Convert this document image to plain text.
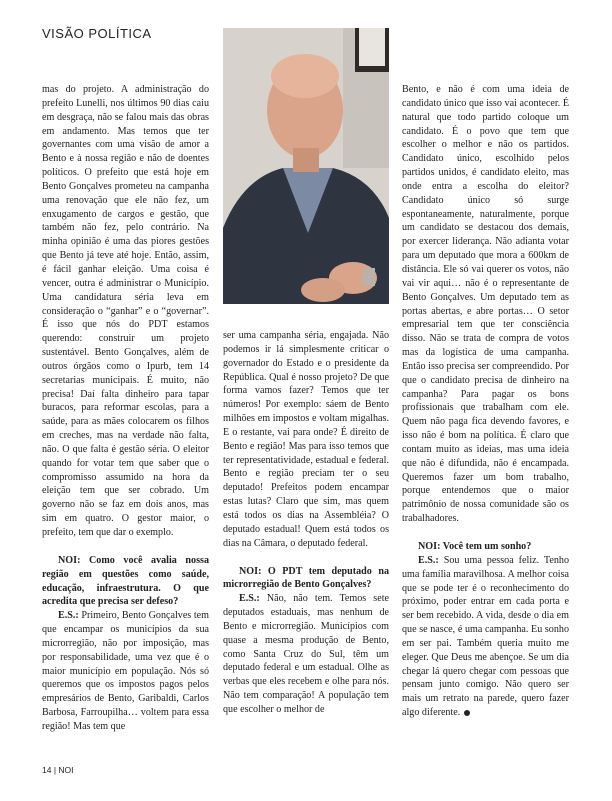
VISÃO POLÍTICA

mas do projeto. A administração do prefeito Lunelli, nos últimos 90 dias caiu em desgraça, não se falou mais das obras em andamento. Mas temos que ter governantes com uma visão de amor a Bento e à nossa região e não de doentes políticos. O prefeito que está hoje em Bento Gonçalves prometeu na campanha uma renovação que ele não fez, um enxugamento de cargos e gestão, que também não fez, pelo contrário. Na minha opinião é uma das piores gestões que Bento já teve até hoje. Então, assim, é fácil ganhar eleição. Uma coisa é vencer, outra é administrar o Município. Uma candidatura séria leva em consideração o “ganhar” e o “governar”. É isso que nós do PDT estamos querendo: construir um projeto sustentável. Bento Gonçalves, além de outros órgãos como o Ipurb, tem 14 secretarias municipais. É muito, não precisa! Daí falta dinheiro para tapar buracos, para reformar escolas, para a saúde, para as mães colocarem os filhos em creches, mas na verdade não falta, não. O que falta é gestão séria. O eleitor quando for votar tem que saber que o compromisso assumido na hora da eleição tem que ser cobrado. Um governo não se faz em dois anos, mas sim em quatro. O gestor maior, o prefeito, tem que dar o exemplo.

NOI: Como você avalia nossa região em questões como saúde, educação, infraestrutura. O que acredita que precisa ser defeso?

E.S.: Primeiro, Bento Gonçalves tem que encampar os municípios da sua microrregião, não por imposição, mas por responsabilidade, uma vez que é o maior município em população. Nós só queremos que os impostos pagos pelos empresários de Bento, Garibaldi, Carlos Barbosa, Farroupilha… voltem para essa região! Mas tem que

ser uma campanha séria, engajada. Não podemos ir lá simplesmente criticar o governador do Estado e o presidente da República. Qual é nosso projeto? De que forma vamos fazer? Temos que ter números! Por exemplo: sáem de Bento milhões em impostos e voltam migalhas. E o restante, vai para onde? É direito de Bento e região! Mas para isso temos que ter representatividade, estadual e federal. Bento e região preciam ter o seu deputado! Prefeitos podem encampar estas lutas? Claro que sim, mas quem está todos os dias na Assembléia? O deputado estadual! Quem está todos os dias na Câmara, o deputado federal.

NOI: O PDT tem deputado na microrregião de Bento Gonçalves?

E.S.: Não, não tem. Temos sete deputados estaduais, mas nenhum de Bento e microrregião. Municípios com quase a mesma produção de Bento, como Santa Cruz do Sul, têm um deputado federal e um estadual. Olhe as verbas que eles recebem e olhe para nós. Não tem comparação! A população tem que escolher o melhor de

Bento, e não é com uma ideia de candidato único que isso vai acontecer. É natural que todo partido coloque um candidato. É o povo que tem que escolher o melhor e não os partidos. Candidato único, escolhido pelos partidos unidos, é candidato eleito, mas onde entra a escolha do eleitor? Candidato único só surge espontaneamente, naturalmente, porque um candidato se destacou dos demais, por exercer liderança. Não adianta votar para um deputado que mora a 600km de distância. Ele só vai querer os votos, não vai vir aqui… não é o representante de Bento Gonçalves. Um deputado tem as portas abertas, e abre portas… O setor empresarial tem que ter consciência disso. Não se trata de compra de votos mas da logística de uma campanha. Então isso precisa ser compreendido. Por que o candidato precisa de dinheiro na campanha? Para pagar os bons profissionais que trabalham com ele. Quem não paga fica devendo favores, e isso não é bom na política. É claro que contam muito as ideias, mas uma ideia que não é difundida, não é encampada. Queremos fazer um bom trabalho, porque entendemos que o maior patrimônio de nossa comunidade são os trabalhadores.

NOI: Você tem um sonho?

E.S.: Sou uma pessoa feliz. Tenho uma família maravilhosa. A melhor coisa que se pode ter é o reconhecimento do próximo, poder entrar em cada porta e ser bem recebido. A vida, desde o dia em que se nasce, é uma campanha. Eu sonho em ser pai. Também queria muito me eleger. Que Deus me abençoe. Se um dia chegar lá quero chegar com pessoas que pensam junto comigo. Não quero ser mais um retrato na parede, quero fazer algo diferente.

14 | NOI
